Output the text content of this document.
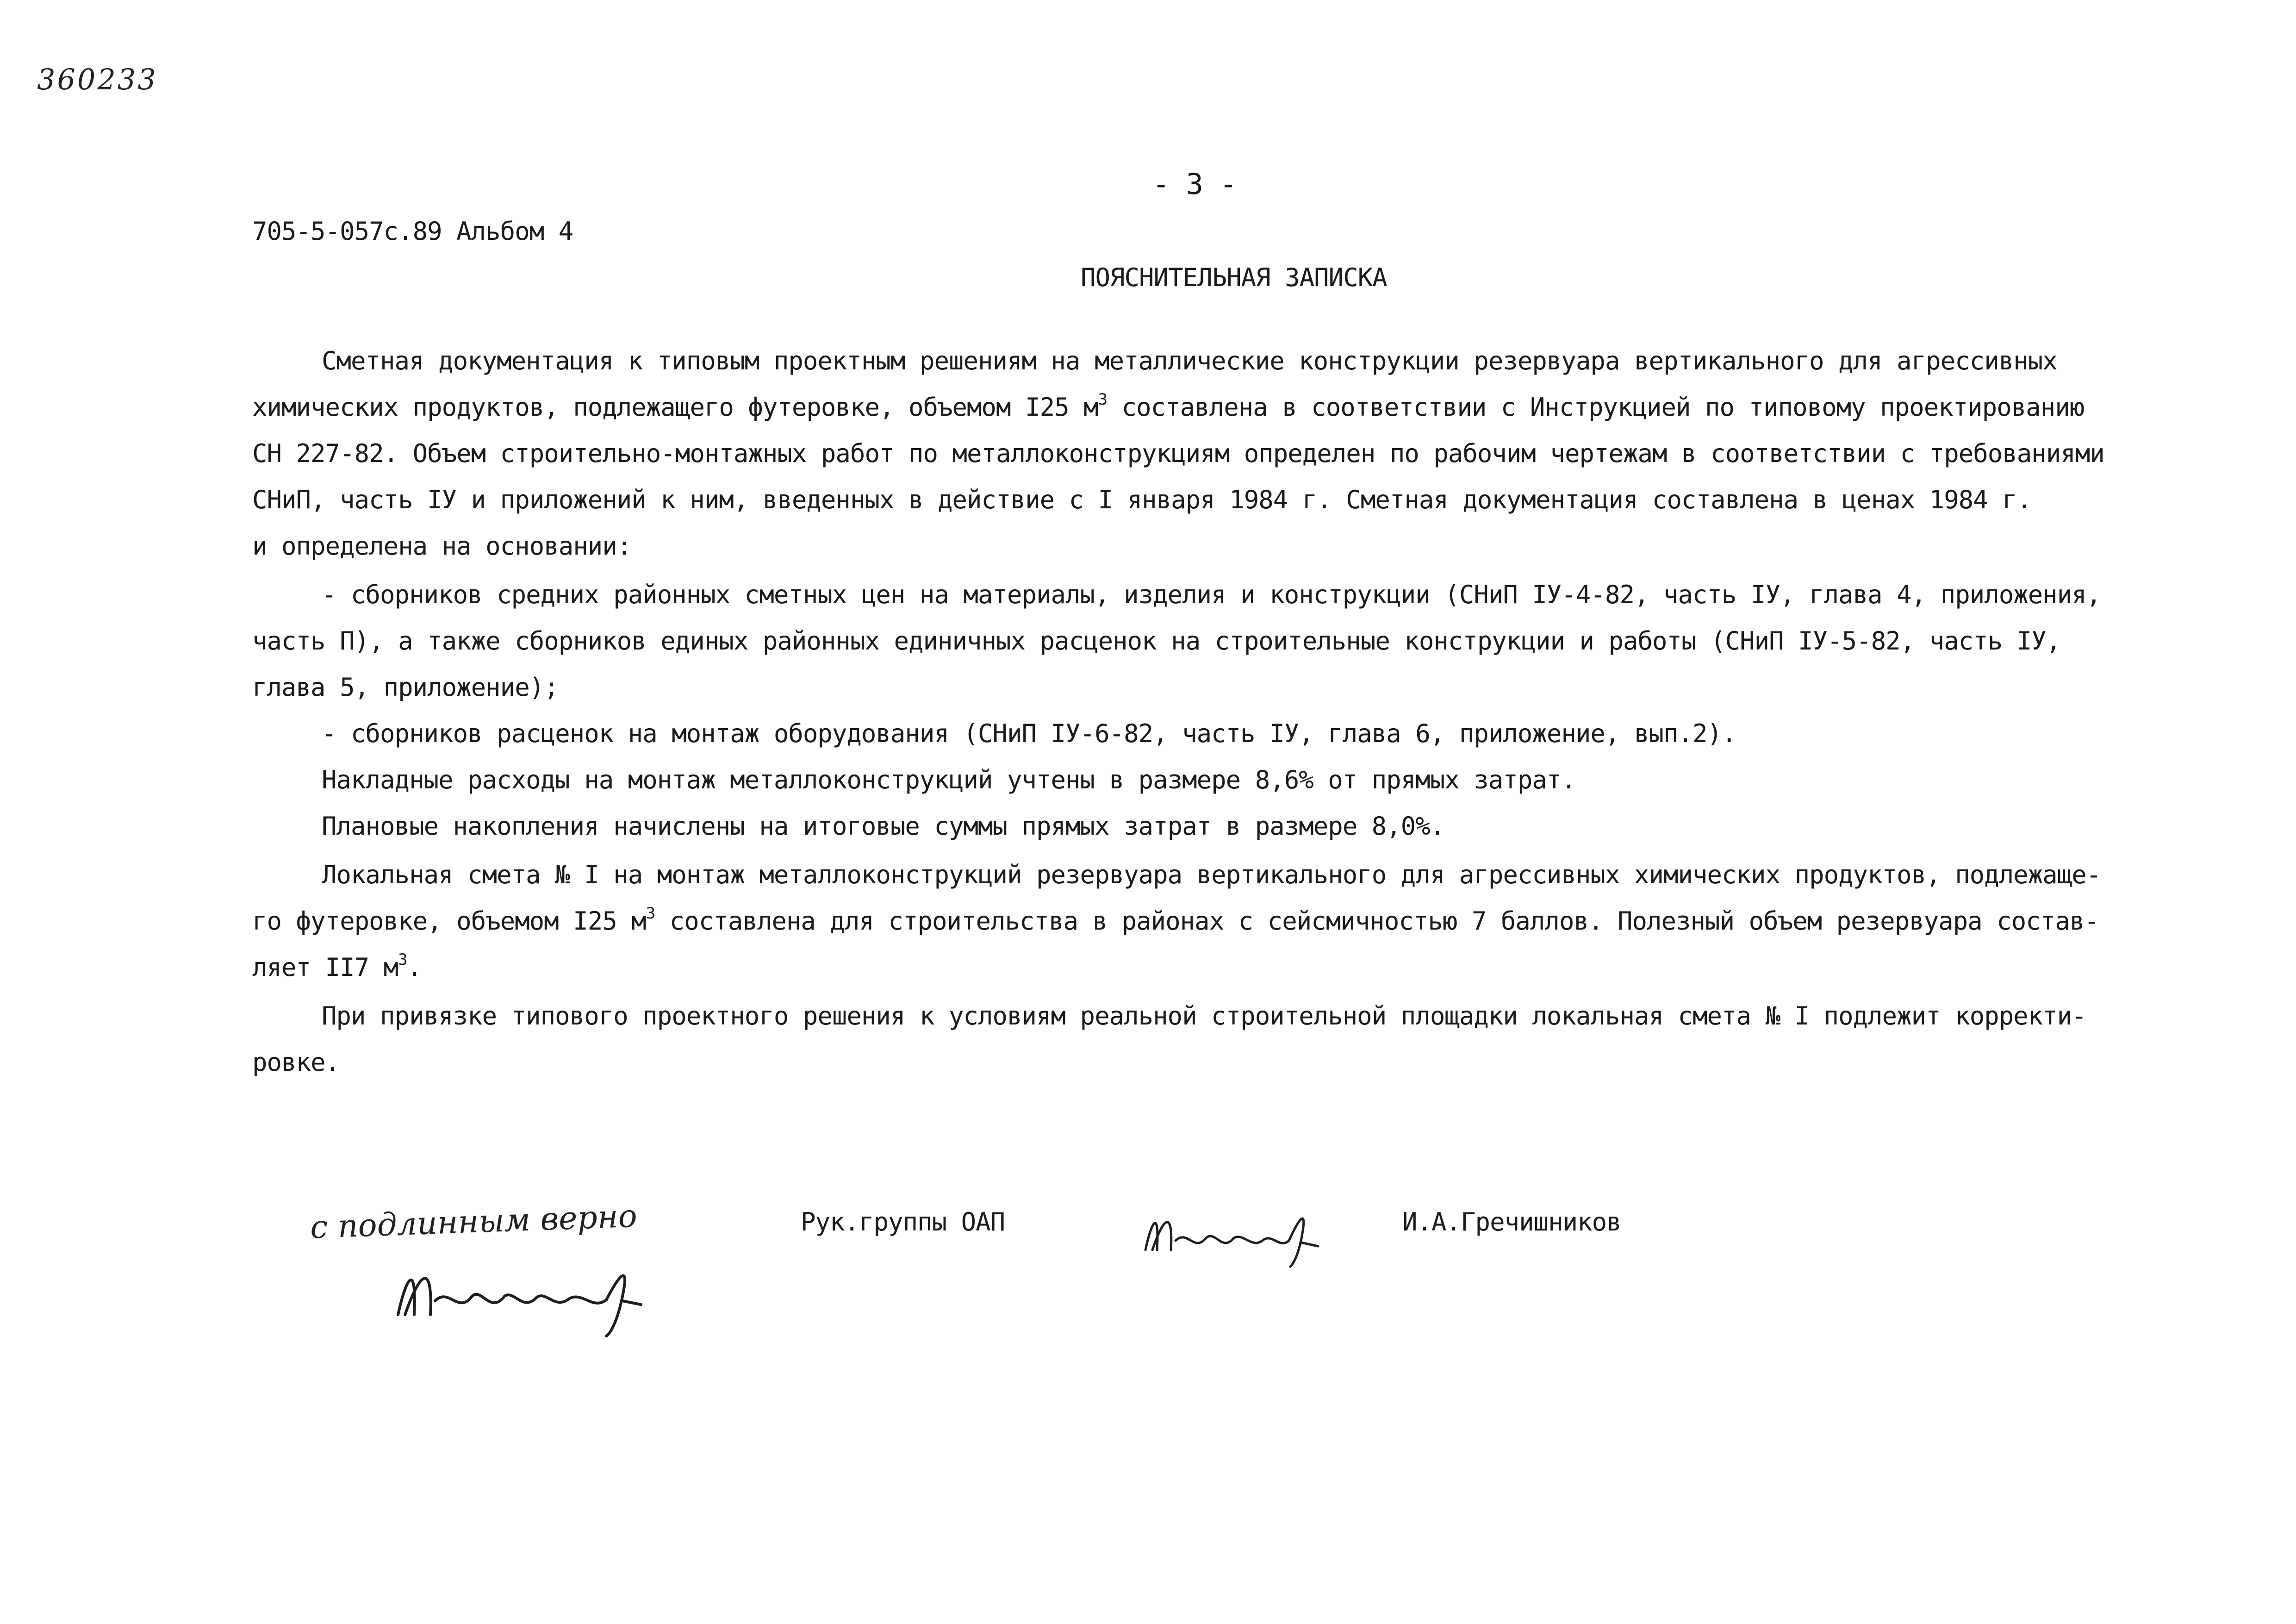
360233
- 3 -
705-5-057с.89 Альбом 4
ПОЯСНИТЕЛЬНАЯ ЗАПИСКА
Сметная документация к типовым проектным решениям на металлические конструкции резервуара вертикального для агрессивных
химических продуктов, подлежащего футеровке, объемом I25 $м^3$ составлена в соответствии с Инструкцией по типовому проектированию
СН 227-82. Объем строительно-монтажных работ по металлоконструкциям определен по рабочим чертежам в соответствии с требованиями
СНиП, часть IУ и приложений к ним, введенных в действие с I января 1984 г. Сметная документация составлена в ценах 1984 г.
и определена на основании:
- сборников средних районных сметных цен на материалы, изделия и конструкции (СНиП IУ-4-82, часть IУ, глава 4, приложения,
часть П), а также сборников единых районных единичных расценок на строительные конструкции и работы (СНиП IУ-5-82, часть IУ,
глава 5, приложение);
- сборников расценок на монтаж оборудования (СНиП IУ-6-82, часть IУ, глава 6, приложение, вып.2).
Накладные расходы на монтаж металлоконструкций учтены в размере 8,6% от прямых затрат.
Плановые накопления начислены на итоговые суммы прямых затрат в размере 8,0%.
Локальная смета № I на монтаж металлоконструкций резервуара вертикального для агрессивных химических продуктов, подлежаще-
го футеровке, объемом I25 $м^3$ составлена для строительства в районах с сейсмичностью 7 баллов. Полезный объем резервуара состав-
ляет II7 $м^3$.
При привязке типового проектного решения к условиям реальной строительной площадки локальная смета № I подлежит корректи-
ровке.
с подлинным верно	Рук.группы ОАП	И.А.Гречишников
